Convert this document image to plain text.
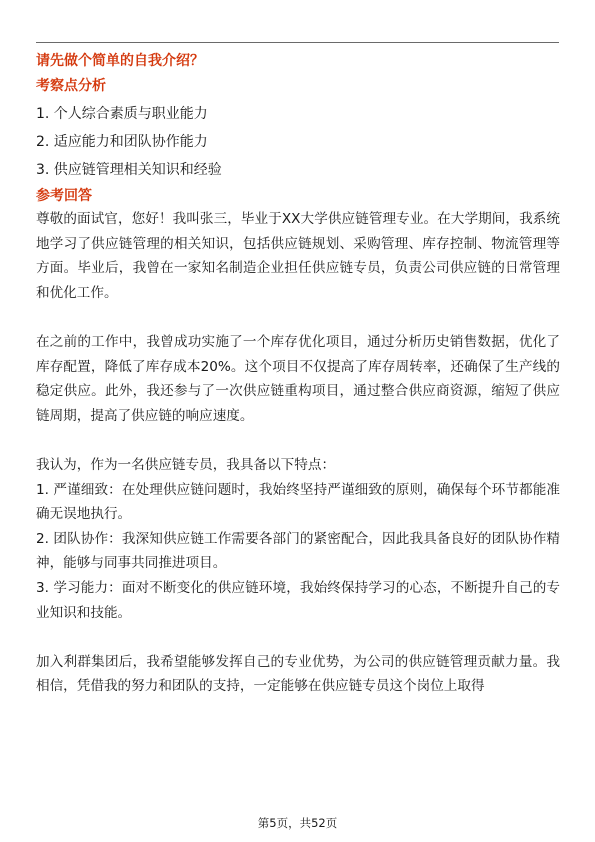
请先做个简单的自我介绍？
考察点分析
1. 个人综合素质与职业能力
2. 适应能力和团队协作能力
3. 供应链管理相关知识和经验
参考回答

尊敬的面试官，您好！我叫张三，毕业于XX大学供应链管理专业。在大学期间，我系统地学习了供应链管理的相关知识，包括供应链规划、采购管理、库存控制、物流管理等方面。毕业后，我曾在一家知名制造企业担任供应链专员，负责公司供应链的日常管理和优化工作。

在之前的工作中，我曾成功实施了一个库存优化项目，通过分析历史销售数据，优化了库存配置，降低了库存成本20%。这个项目不仅提高了库存周转率，还确保了生产线的稳定供应。此外，我还参与了一次供应链重构项目，通过整合供应商资源，缩短了供应链周期，提高了供应链的响应速度。

我认为，作为一名供应链专员，我具备以下特点：
1. 严谨细致：在处理供应链问题时，我始终坚持严谨细致的原则，确保每个环节都能准确无误地执行。
2. 团队协作：我深知供应链工作需要各部门的紧密配合，因此我具备良好的团队协作精神，能够与同事共同推进项目。
3. 学习能力：面对不断变化的供应链环境，我始终保持学习的心态，不断提升自己的专业知识和技能。

加入利群集团后，我希望能够发挥自己的专业优势，为公司的供应链管理贡献力量。我相信，凭借我的努力和团队的支持，一定能够在供应链专员这个岗位上取得

第5页，共52页
